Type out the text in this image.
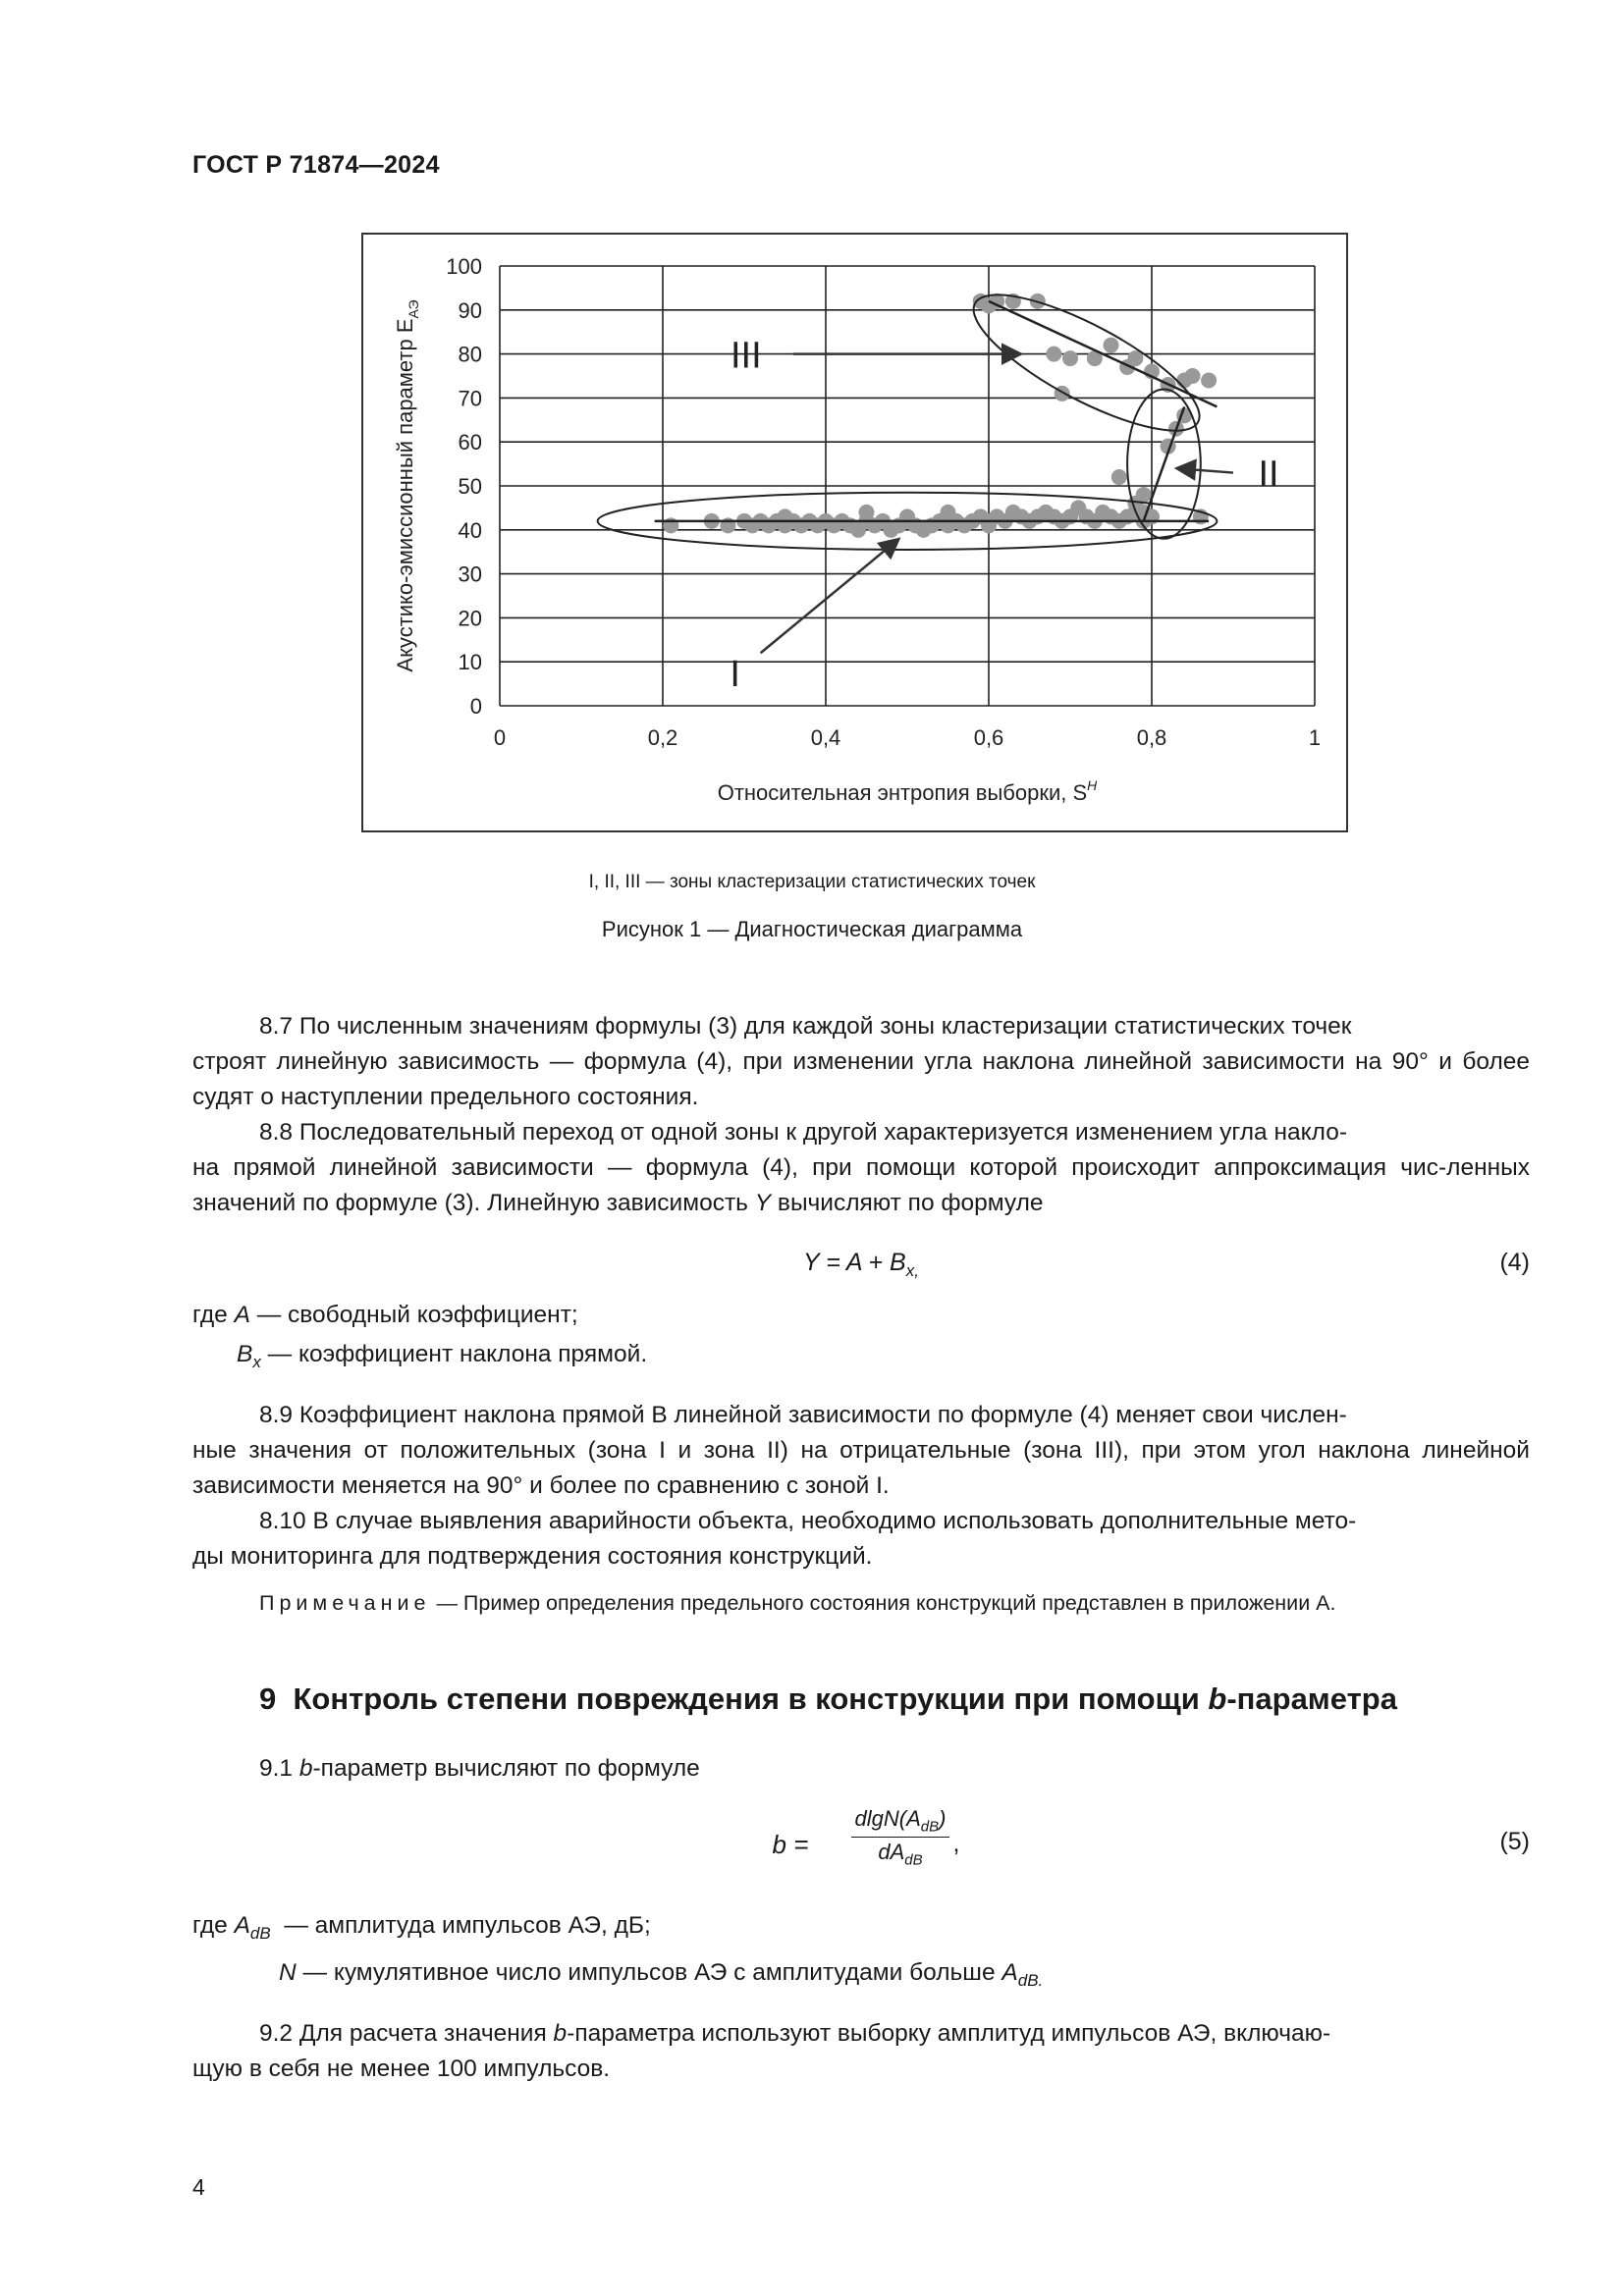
ГОСТ Р 71874—2024
0
10
20
30
40
50
60
70
80
90
100
0	0,2	0,4	0,6	0,8	1
Относительная энтропия выборки, $S^H$
Акустико-эмиссионный параметр $E_{АЭ}$
I
II
III
I, II, III — зоны кластеризации статистических точек
Рисунок 1 — Диагностическая диаграмма
8.7 По численным значениям формулы (3) для каждой зоны кластеризации статистических точек
строят линейную зависимость — формула (4), при изменении угла наклона линейной зависимости на 90° и более судят о наступлении предельного состояния.
8.8 Последовательный переход от одной зоны к другой характеризуется изменением угла накло-
на прямой линейной зависимости — формула (4), при помощи которой происходит аппроксимация чис-ленных значений по формуле (3). Линейную зависимость Y вычисляют по формуле
$Y = A + B_{x,}$	(4)
где A — свободный коэффициент;
$B_x$ — коэффициент наклона прямой.
8.9 Коэффициент наклона прямой В линейной зависимости по формуле (4) меняет свои числен-
ные значения от положительных (зона I и зона II) на отрицательные (зона III), при этом угол наклона линейной зависимости меняется на 90° и более по сравнению с зоной I.
8.10 В случае выявления аварийности объекта, необходимо использовать дополнительные мето-
ды мониторинга для подтверждения состояния конструкций.
Примечание — Пример определения предельного состояния конструкций представлен в приложении А.
9 Контроль степени повреждения в конструкции при помощи b-параметра
9.1 b-параметр вычисляют по формуле
b =
$dlgN(A_{dB})$
$dA_{dB}$
,	(5)
где $A_{dB}$ — амплитуда импульсов АЭ, дБ;
N — кумулятивное число импульсов АЭ с амплитудами больше $A_{dB.}$
9.2 Для расчета значения b-параметра используют выборку амплитуд импульсов АЭ, включаю-
щую в себя не менее 100 импульсов.
4
